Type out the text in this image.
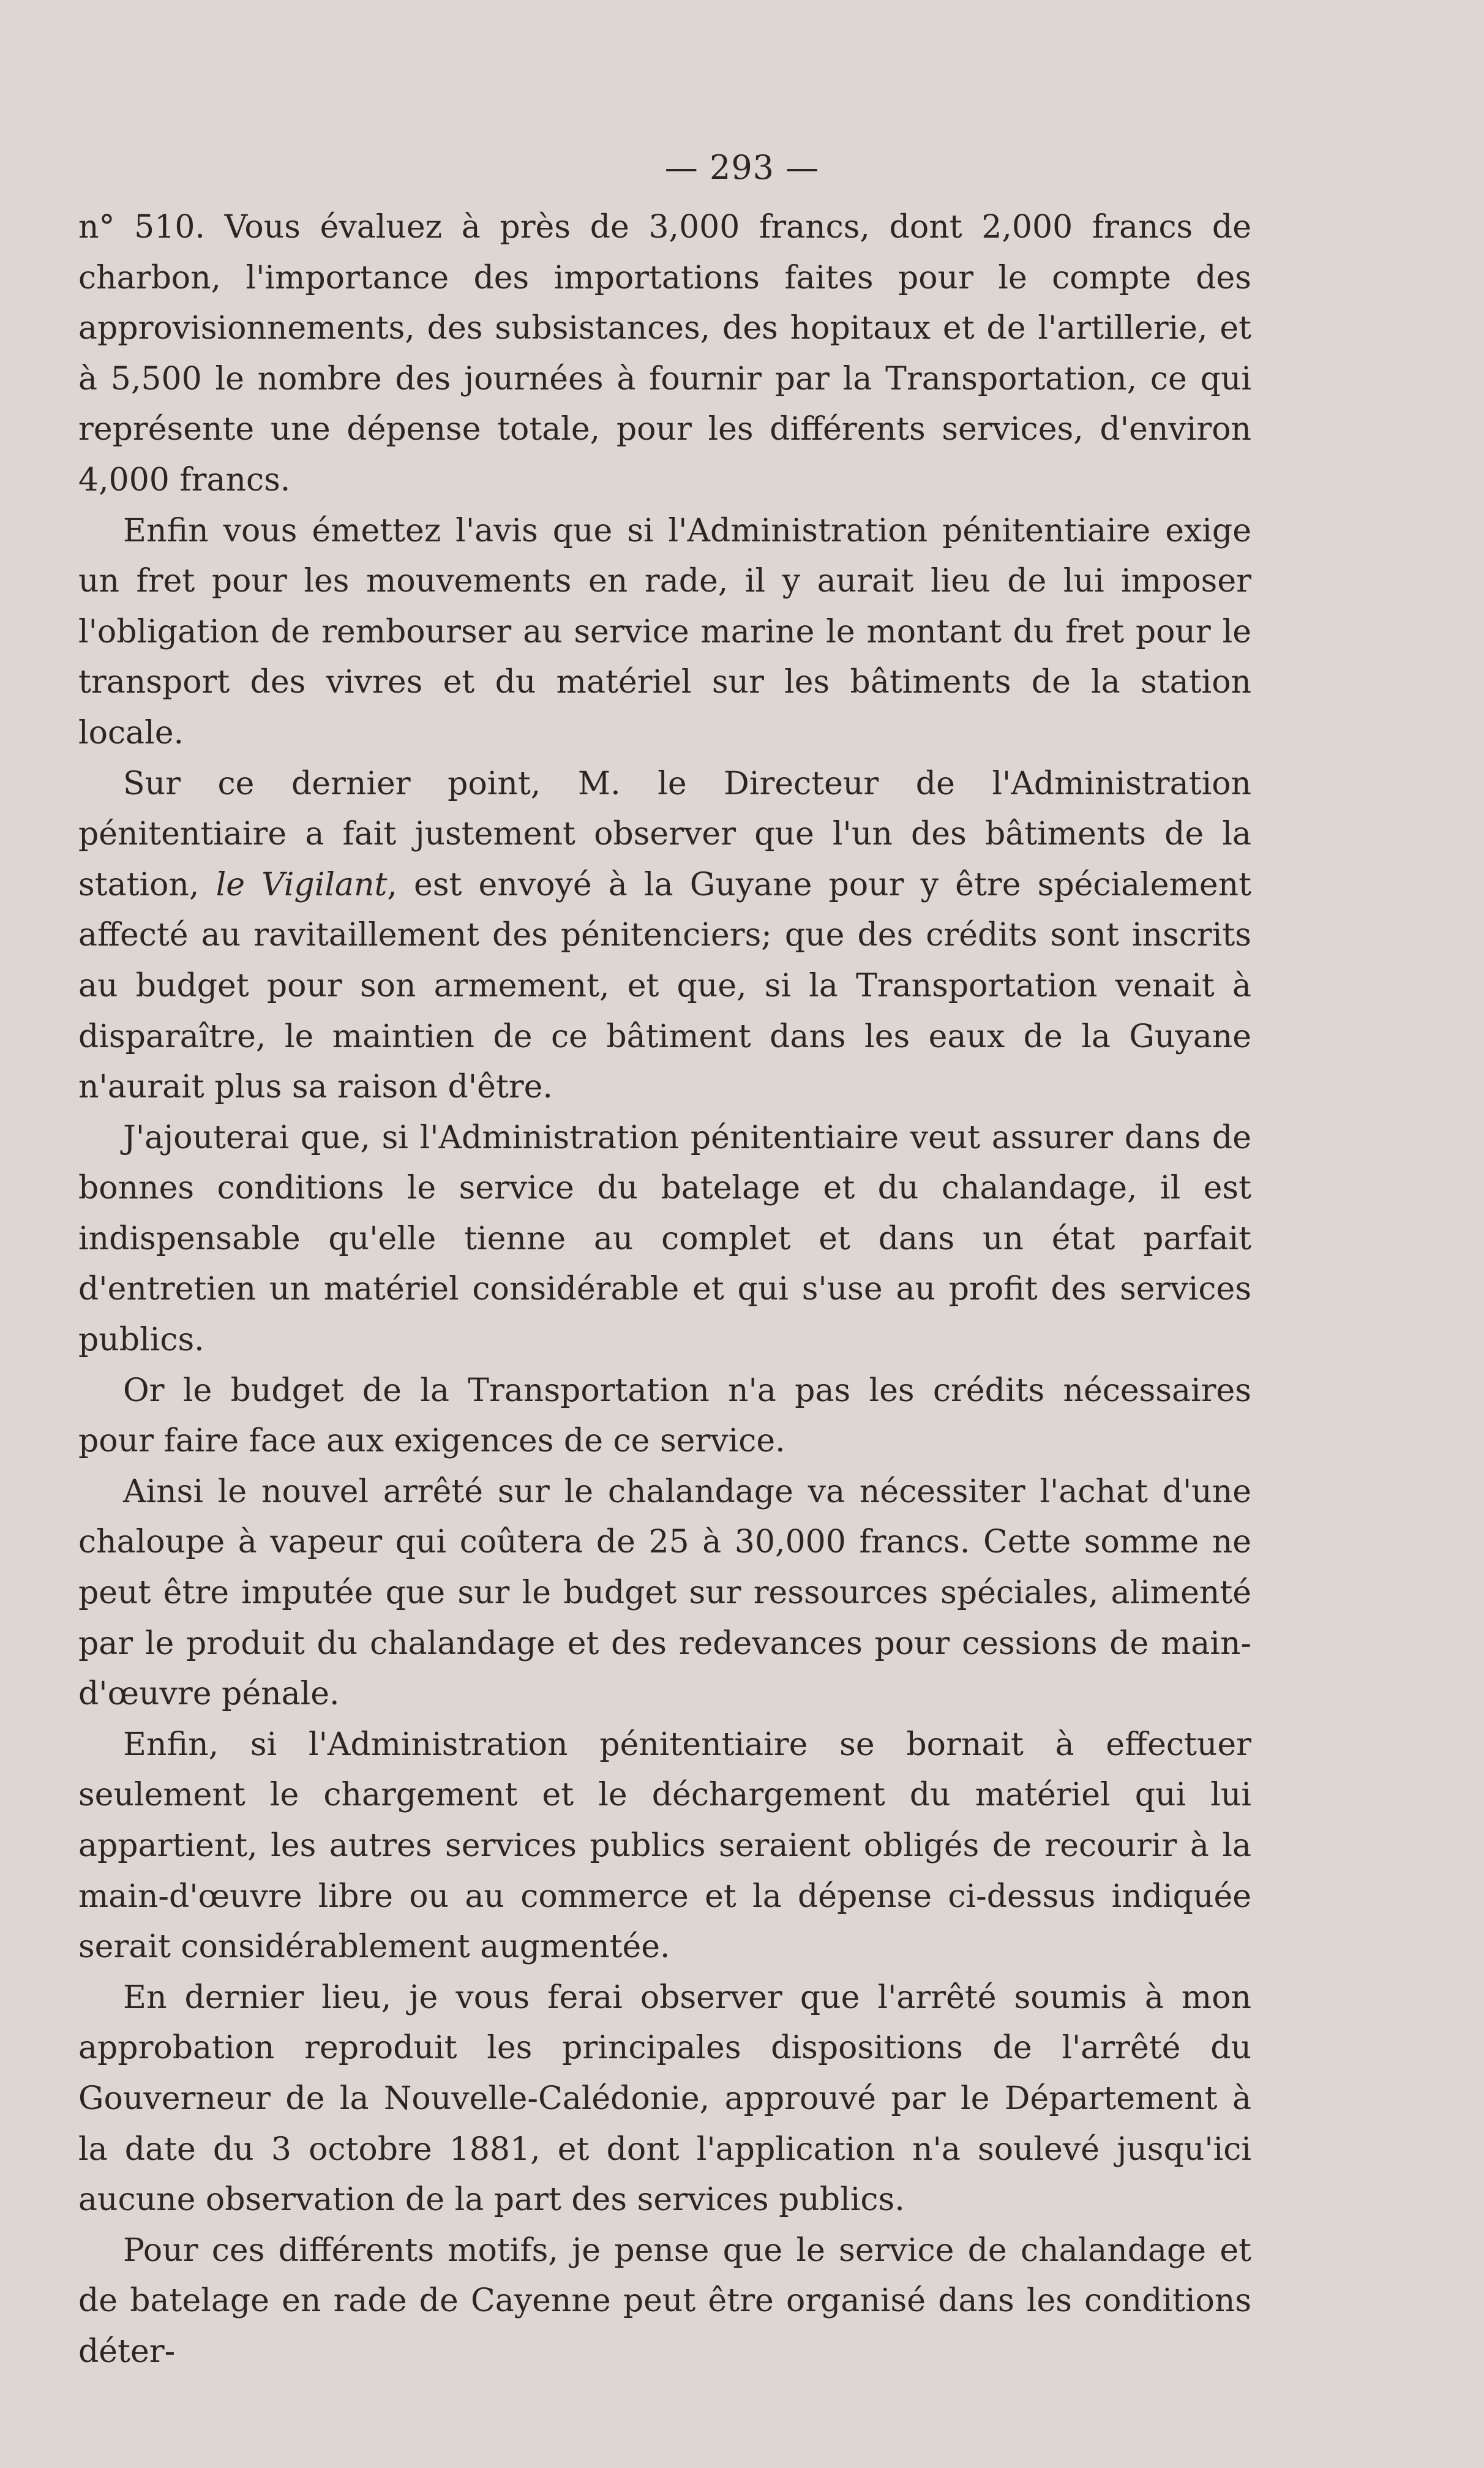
— 293 —

n° 510. Vous évaluez à près de 3,000 francs, dont 2,000 francs de charbon, l'importance des importations faites pour le compte des approvisionnements, des subsistances, des hopitaux et de l'artillerie, et à 5,500 le nombre des journées à fournir par la Transportation, ce qui représente une dépense totale, pour les différents services, d'environ 4,000 francs.

Enfin vous émettez l'avis que si l'Administration pénitentiaire exige un fret pour les mouvements en rade, il y aurait lieu de lui imposer l'obligation de rembourser au service marine le montant du fret pour le transport des vivres et du matériel sur les bâtiments de la station locale.

Sur ce dernier point, M. le Directeur de l'Administration pénitentiaire a fait justement observer que l'un des bâtiments de la station, le Vigilant, est envoyé à la Guyane pour y être spécialement affecté au ravitaillement des pénitenciers; que des crédits sont inscrits au budget pour son armement, et que, si la Transportation venait à disparaître, le maintien de ce bâtiment dans les eaux de la Guyane n'aurait plus sa raison d'être.

J'ajouterai que, si l'Administration pénitentiaire veut assurer dans de bonnes conditions le service du batelage et du chalandage, il est indispensable qu'elle tienne au complet et dans un état parfait d'entretien un matériel considérable et qui s'use au profit des services publics.

Or le budget de la Transportation n'a pas les crédits nécessaires pour faire face aux exigences de ce service.

Ainsi le nouvel arrêté sur le chalandage va nécessiter l'achat d'une chaloupe à vapeur qui coûtera de 25 à 30,000 francs. Cette somme ne peut être imputée que sur le budget sur ressources spéciales, alimenté par le produit du chalandage et des redevances pour cessions de main-d'œuvre pénale.

Enfin, si l'Administration pénitentiaire se bornait à effectuer seulement le chargement et le déchargement du matériel qui lui appartient, les autres services publics seraient obligés de recourir à la main-d'œuvre libre ou au commerce et la dépense ci-dessus indiquée serait considérablement augmentée.

En dernier lieu, je vous ferai observer que l'arrêté soumis à mon approbation reproduit les principales dispositions de l'arrêté du Gouverneur de la Nouvelle-Calédonie, approuvé par le Département à la date du 3 octobre 1881, et dont l'application n'a soulevé jusqu'ici aucune observation de la part des services publics.

Pour ces différents motifs, je pense que le service de chalandage et de batelage en rade de Cayenne peut être organisé dans les conditions déter-
